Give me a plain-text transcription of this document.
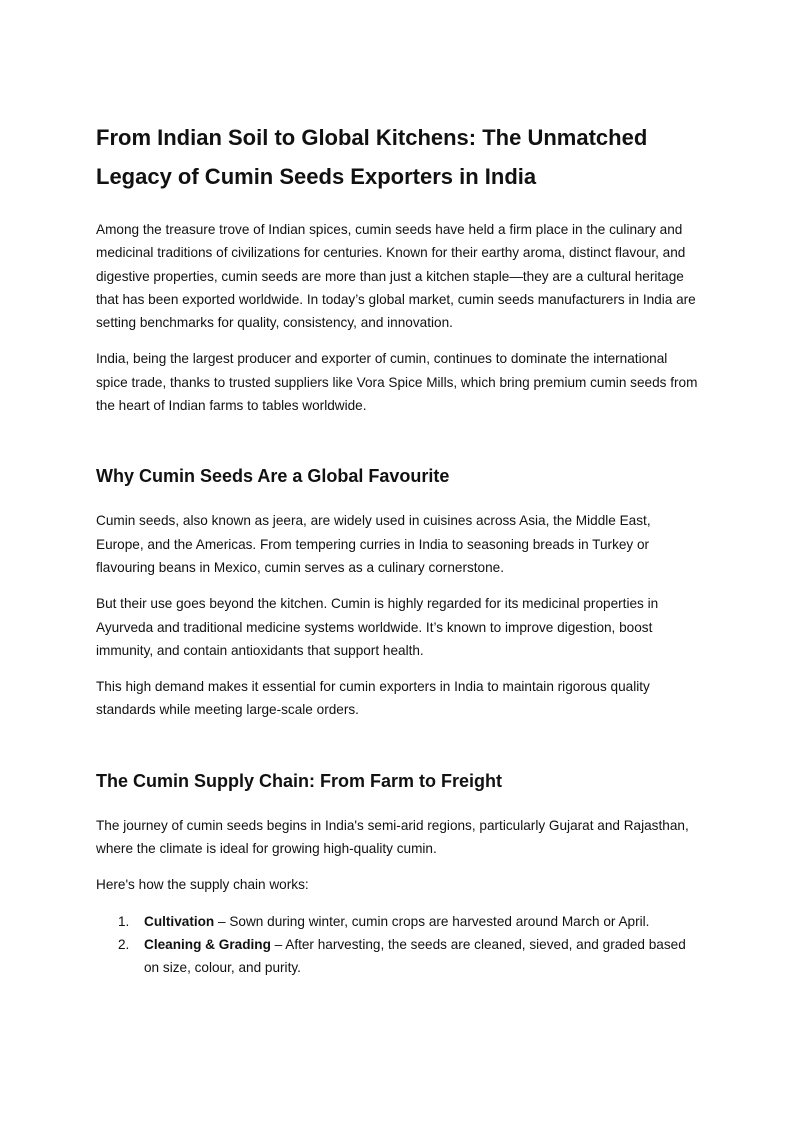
From Indian Soil to Global Kitchens: The Unmatched Legacy of Cumin Seeds Exporters in India

Among the treasure trove of Indian spices, cumin seeds have held a firm place in the culinary and medicinal traditions of civilizations for centuries. Known for their earthy aroma, distinct flavour, and digestive properties, cumin seeds are more than just a kitchen staple—they are a cultural heritage that has been exported worldwide. In today’s global market, cumin seeds manufacturers in India are setting benchmarks for quality, consistency, and innovation.

India, being the largest producer and exporter of cumin, continues to dominate the international spice trade, thanks to trusted suppliers like Vora Spice Mills, which bring premium cumin seeds from the heart of Indian farms to tables worldwide.

Why Cumin Seeds Are a Global Favourite

Cumin seeds, also known as jeera, are widely used in cuisines across Asia, the Middle East, Europe, and the Americas. From tempering curries in India to seasoning breads in Turkey or flavouring beans in Mexico, cumin serves as a culinary cornerstone.

But their use goes beyond the kitchen. Cumin is highly regarded for its medicinal properties in Ayurveda and traditional medicine systems worldwide. It’s known to improve digestion, boost immunity, and contain antioxidants that support health.

This high demand makes it essential for cumin exporters in India to maintain rigorous quality standards while meeting large-scale orders.

The Cumin Supply Chain: From Farm to Freight

The journey of cumin seeds begins in India's semi-arid regions, particularly Gujarat and Rajasthan, where the climate is ideal for growing high-quality cumin.

Here's how the supply chain works:

1. Cultivation – Sown during winter, cumin crops are harvested around March or April.
2. Cleaning & Grading – After harvesting, the seeds are cleaned, sieved, and graded based on size, colour, and purity.
